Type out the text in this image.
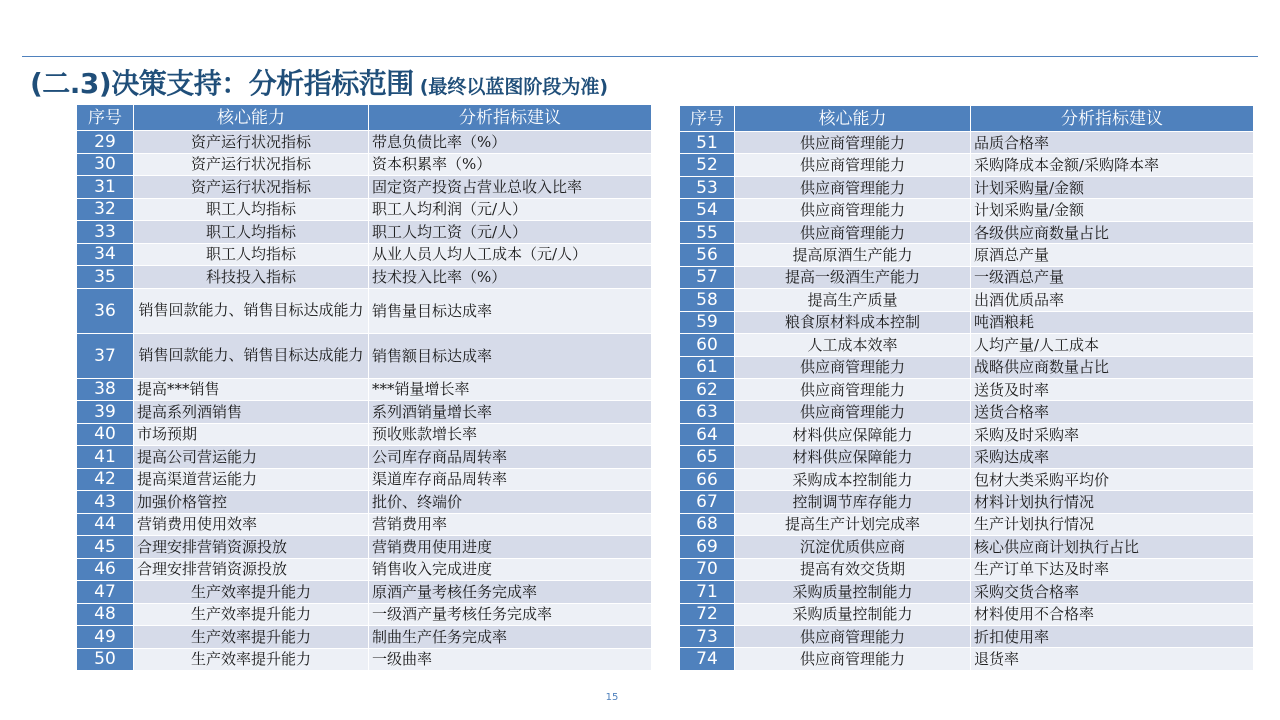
(二.3)决策支持：分析指标范围 (最终以蓝图阶段为准)
序号	核心能力	分析指标建议
29	资产运行状况指标	带息负债比率（%）
30	资产运行状况指标	资本积累率（%）
31	资产运行状况指标	固定资产投资占营业总收入比率
32	职工人均指标	职工人均利润（元/人）
33	职工人均指标	职工人均工资（元/人）
34	职工人均指标	从业人员人均人工成本（元/人）
35	科技投入指标	技术投入比率（%）
36	销售回款能力、销售目标达成能力	销售量目标达成率
37	销售回款能力、销售目标达成能力	销售额目标达成率
38	提高***销售	***销量增长率
39	提高系列酒销售	系列酒销量增长率
40	市场预期	预收账款增长率
41	提高公司营运能力	公司库存商品周转率
42	提高渠道营运能力	渠道库存商品周转率
43	加强价格管控	批价、终端价
44	营销费用使用效率	营销费用率
45	合理安排营销资源投放	营销费用使用进度
46	合理安排营销资源投放	销售收入完成进度
47	生产效率提升能力	原酒产量考核任务完成率
48	生产效率提升能力	一级酒产量考核任务完成率
49	生产效率提升能力	制曲生产任务完成率
50	生产效率提升能力	一级曲率
序号	核心能力	分析指标建议
51	供应商管理能力	品质合格率
52	供应商管理能力	采购降成本金额/采购降本率
53	供应商管理能力	计划采购量/金额
54	供应商管理能力	计划采购量/金额
55	供应商管理能力	各级供应商数量占比
56	提高原酒生产能力	原酒总产量
57	提高一级酒生产能力	一级酒总产量
58	提高生产质量	出酒优质品率
59	粮食原材料成本控制	吨酒粮耗
60	人工成本效率	人均产量/人工成本
61	供应商管理能力	战略供应商数量占比
62	供应商管理能力	送货及时率
63	供应商管理能力	送货合格率
64	材料供应保障能力	采购及时采购率
65	材料供应保障能力	采购达成率
66	采购成本控制能力	包材大类采购平均价
67	控制调节库存能力	材料计划执行情况
68	提高生产计划完成率	生产计划执行情况
69	沉淀优质供应商	核心供应商计划执行占比
70	提高有效交货期	生产订单下达及时率
71	采购质量控制能力	采购交货合格率
72	采购质量控制能力	材料使用不合格率
73	供应商管理能力	折扣使用率
74	供应商管理能力	退货率
15
